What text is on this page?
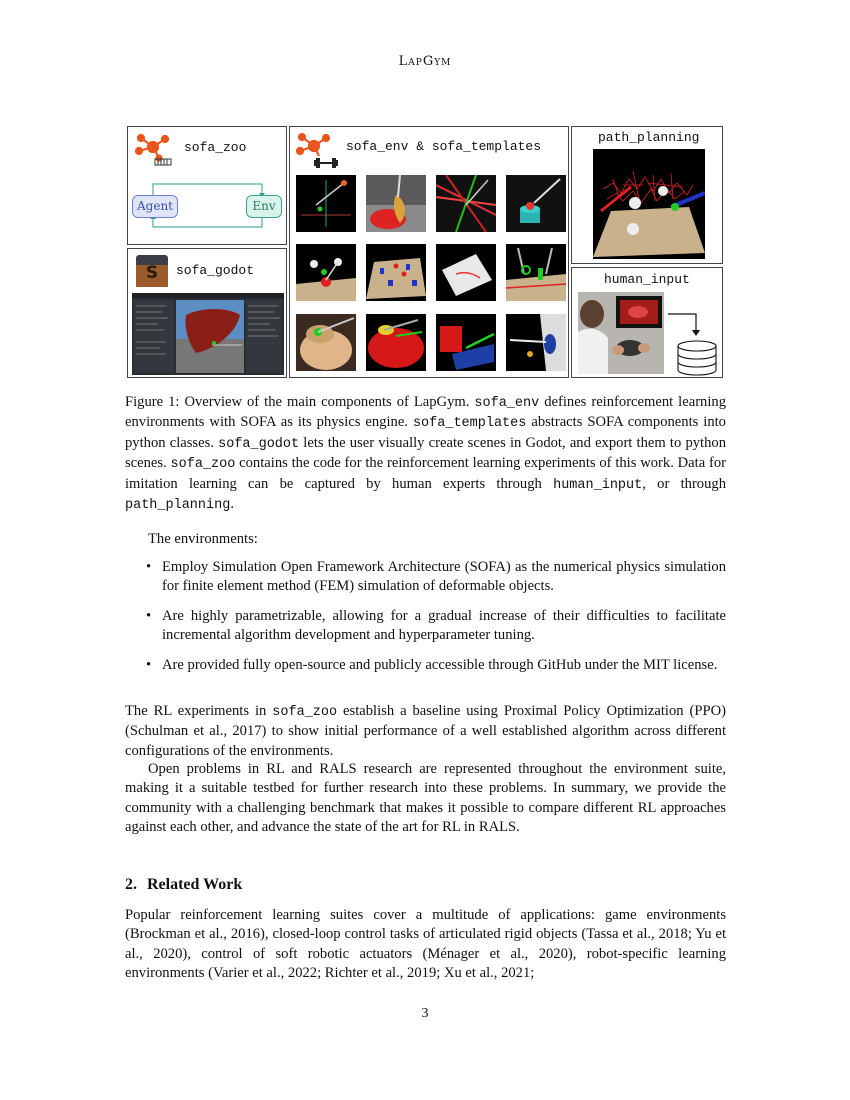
LapGym
sofa_zoo
Agent	Env
sofa_env & sofa_templates
path_planning
S	sofa_godot
human_input
Figure 1: Overview of the main components of LapGym. sofa_env defines reinforcement learning environments with SOFA as its physics engine. sofa_templates abstracts SOFA components into python classes. sofa_godot lets the user visually create scenes in Godot, and export them to python scenes. sofa_zoo contains the code for the reinforcement learning experiments of this work. Data for imitation learning can be captured by human experts through human_input, or through path_planning.
The environments:
• Employ Simulation Open Framework Architecture (SOFA) as the numerical physics simulation for finite element method (FEM) simulation of deformable objects.
• Are highly parametrizable, allowing for a gradual increase of their difficulties to facilitate incremental algorithm development and hyperparameter tuning.
• Are provided fully open-source and publicly accessible through GitHub under the MIT license.
The RL experiments in sofa_zoo establish a baseline using Proximal Policy Optimization (PPO) (Schulman et al., 2017) to show initial performance of a well established algorithm across different configurations of the environments.
Open problems in RL and RALS research are represented throughout the environment suite, making it a suitable testbed for further research into these problems. In summary, we provide the community with a challenging benchmark that makes it possible to compare different RL approaches against each other, and advance the state of the art for RL in RALS.
2. Related Work
Popular reinforcement learning suites cover a multitude of applications: game environments (Brockman et al., 2016), closed-loop control tasks of articulated rigid objects (Tassa et al., 2018; Yu et al., 2020), control of soft robotic actuators (Ménager et al., 2020), robot-specific learning environments (Varier et al., 2022; Richter et al., 2019; Xu et al., 2021;
3
